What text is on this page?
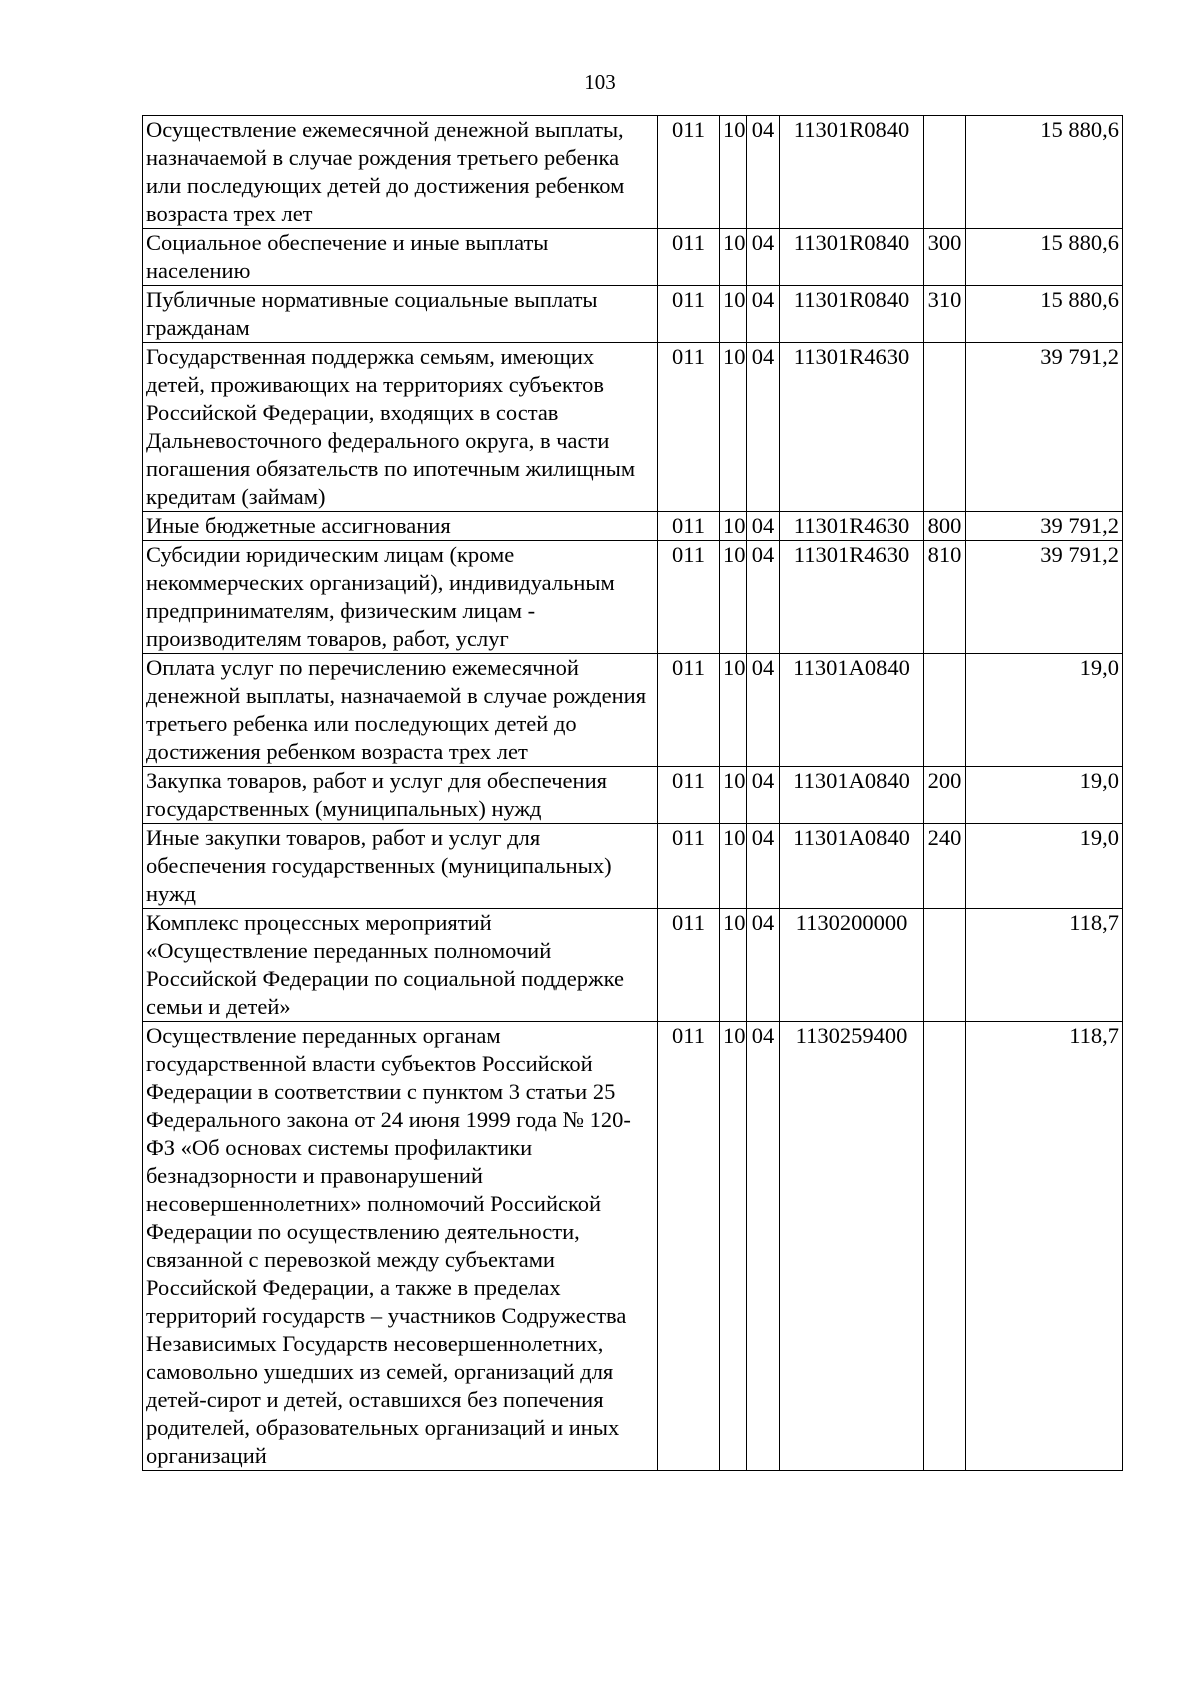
103
Осуществление ежемесячной денежной выплаты, назначаемой в случае рождения третьего ребенка или последующих детей до достижения ребенком возраста трех лет	011	10	04	11301R0840		15 880,6
Социальное обеспечение и иные выплаты населению	011	10	04	11301R0840	300	15 880,6
Публичные нормативные социальные выплаты гражданам	011	10	04	11301R0840	310	15 880,6
Государственная поддержка семьям, имеющих детей, проживающих на территориях субъектов Российской Федерации, входящих в состав Дальневосточного федерального округа, в части погашения обязательств по ипотечным жилищным кредитам (займам)	011	10	04	11301R4630		39 791,2
Иные бюджетные ассигнования	011	10	04	11301R4630	800	39 791,2
Субсидии юридическим лицам (кроме некоммерческих организаций), индивидуальным предпринимателям, физическим лицам - производителям товаров, работ, услуг	011	10	04	11301R4630	810	39 791,2
Оплата услуг по перечислению ежемесячной денежной выплаты, назначаемой в случае рождения третьего ребенка или последующих детей до достижения ребенком возраста трех лет	011	10	04	11301A0840		19,0
Закупка товаров, работ и услуг для обеспечения государственных (муниципальных) нужд	011	10	04	11301A0840	200	19,0
Иные закупки товаров, работ и услуг для обеспечения государственных (муниципальных) нужд	011	10	04	11301A0840	240	19,0
Комплекс процессных мероприятий «Осуществление переданных полномочий Российской Федерации по социальной поддержке семьи и детей»	011	10	04	1130200000		118,7
Осуществление переданных органам государственной власти субъектов Российской Федерации в соответствии с пунктом 3 статьи 25 Федерального закона от 24 июня 1999 года № 120-ФЗ «Об основах системы профилактики безнадзорности и правонарушений несовершеннолетних» полномочий Российской Федерации по осуществлению деятельности, связанной с перевозкой между субъектами Российской Федерации, а также в пределах территорий государств – участников Содружества Независимых Государств несовершеннолетних, самовольно ушедших из семей, организаций для детей-сирот и детей, оставшихся без попечения родителей, образовательных организаций и иных организаций	011	10	04	1130259400		118,7
